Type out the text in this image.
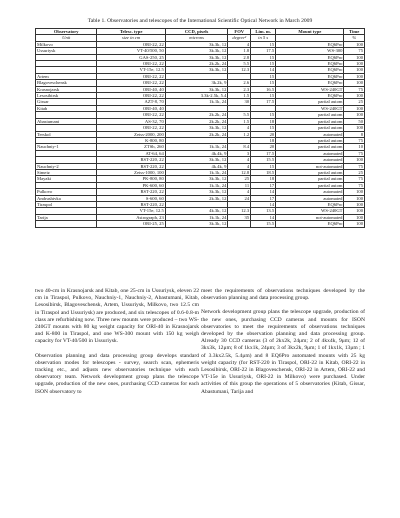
Table 1. Observatories and telescopes of the International Scientific Optical Network in March 2009
Observatory	Telesc. type	CCD, pixels	FOV	Lim. m.	Mount type	Time
Unit	size in cm	microns	degree²	in 5 s		%
Milkovo	ORI-22, 22	3k.3k, 12	4	15	EQ6Pro	100
Ussuriysk	VT-40/500, 50	3k.3k, 12	1.8	17.5	WS-300	75
	GAS-250, 25	3k.3k, 12	2.8	15	EQ6Pro	100
	ORI-22, 22	2k.2k, 24	5.5	15	EQ6Pro	100
	VT-15e, 12.5	3k.3k, 12	12.3	14	EQ6Pro	100
Artem	ORI-22, 22			15	EQ6Pro	100
Blagoveschensk	ORI-22, 22	3k.2k, 9	2.6	15	EQ6Pro	100
Krasnojarsk	ORI-40, 40	3k.3k, 12	2.3	16.5	WS-240GT	75
Lesosibirsk	ORI-22, 22	3.3k-2.5k, 5.4	1.5	15	EQ6Pro	100
Gissar	AZT-8, 70	1k.1k, 24	30	17.5	partial autom	25
Kitab	ORI-40, 40				WS-240GT	100
	ORI-22, 22	2k.2k, 24	5.5	15	partial autom	100
Abastumani	AS-32, 70	2k.2k, 24	1.5	18	partial autom	50
	ORI-22, 22	3k.3k, 12	4	15	partial autom	100
Terskol	Zeiss-2000, 200	2k.2k, 24	1.2	20	automated	8
	K-800, 80			18	partial autom	75
Nauchniy-1	ZTSh, 260	1k.1k, 24	8.4	20	partial autom	10
	AT-64, 64	4k.4k, 9	3	17.5	automated	75
	RST-220, 22	3k.3k, 12	4	15.5	automated	100
Nauchniy-2	RST-220, 22	4k.4k, 9	4	15	not-automated	75
Simeiz	Zeiss-1000, 100	1k.1k, 24	12.8	18.5	partial autom	25
Mayaki	PK-800, 80	3k.3k, 12	25	18	partial autom	75
	PK-600, 60	1k.1k, 24	11	17	partial autom	75
Pulkovo	RST-220, 22	3k.3k, 12	4	14	automated	100
Andrushivka	S-600, 60	2k.3k, 12	24	17	automated	100
Tiraspol	RST-220, 22			14	EQ6Pro	100
	VT-15e, 12.5	4k.3k, 12	12.3	13.5	WS-240GT	100
Tarija	Astrograph, 23	1k.1k, 24	35	14	not-automated	100
	ORI-25, 25	3k.3k, 12		15.5	EQ6Pro	100

two 40-cm in Krasnojarsk and Kitab, one 25-cm in Ussuriysk, eleven 22 cm in Tiraspol, Pulkovo, Nauchniy-1, Nauchniy-2, Abastumani, Kitab, Lesosibirsk, Blagoveschensk, Artem, Ussuriysk, Milkovo, two 12.5 cm in Tiraspol and Ussuriysk) are produced, and six telescopes of 0.6-0.8-m class are refurbishing now. Three new mounts were produced – two WS-240GT mounts with 80 kg weight capacity for ORI-40 in Krasnojarsk and K-800 in Tiraspol, and one WS-300 mount with 150 kg weigh capacity for VT-40/500 in Ussuriysk.

Observation planning and data processing group develops standard observation modes for telescopes - survey, search scan, ephemeris tracking etc., and adjusts new observatories technique with each observatory team. Network development group plans the telescope upgrade, production of the new ones, purchasing CCD cameras for each ISON observatory to

meet the requirements of observations techniques developed by the observation planning and data processing group.

Network development group plans the telescope upgrade, production of the new ones, purchasing CCD cameras and mounts for ISON observatories to meet the requirements of observations techniques developed by the observation planning and data processing group. Already 30 CCD cameras (3 of 2kx2k, 24μm; 2 of 4kx4k, 9μm; 12 of 3kx3k, 12μm; 8 of 1kx1k, 24μm; 3 of 3kx2k, 9μm; 1 of 1kx1k, 13μm ; 1 of 3.3kx2.5k, 5.4μm) and 8 EQ6Pro automated mounts with 25 kg weight capacity (for RST-220 in Tiraspol, ORI-22 in Kitab, ORI-22 in Lesosibirsk, ORI-22 in Blagoveschensk, ORI-22 in Artem, ORI-22 and VT-15e in Ussuriysk, ORI-22 in Milkovo) were purchased. Under activities of this group the operations of 5 observatories (Kitab, Gissar, Abastumani, Tarija and
